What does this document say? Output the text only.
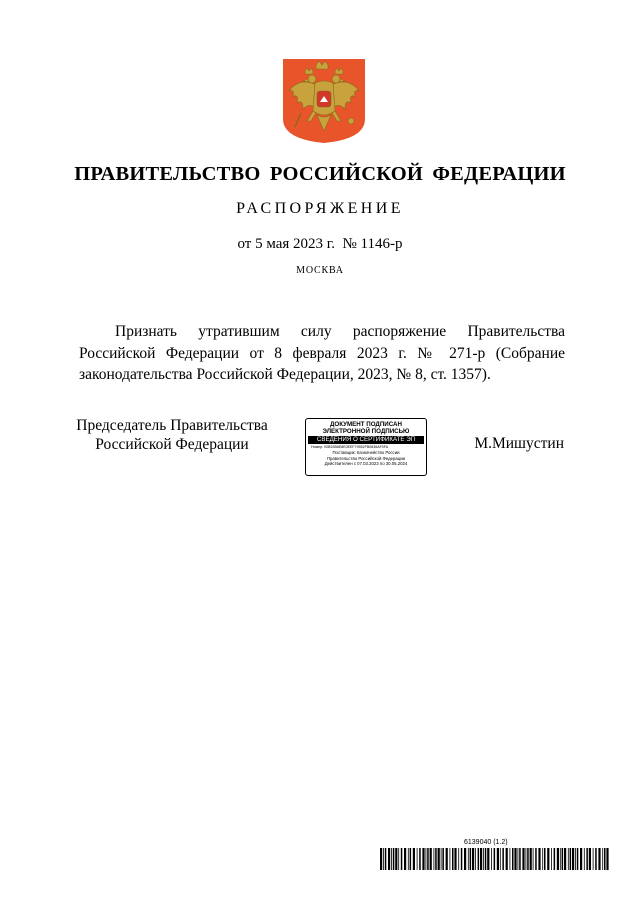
ПРАВИТЕЛЬСТВО РОССИЙСКОЙ ФЕДЕРАЦИИ
РАСПОРЯЖЕНИЕ
от 5 мая 2023 г.  № 1146-р
МОСКВА
Признать утратившим силу распоряжение Правительства Российской Федерации от 8 февраля 2023 г. № 271-р (Собрание законодательства Российской Федерации, 2023, № 8, ст. 1357).
Председатель Правительства
Российской Федерации
ДОКУМЕНТ ПОДПИСАН
ЭЛЕКТРОННОЙ ПОДПИСЬЮ
СВЕДЕНИЯ О СЕРТИФИКАТЕ ЭП
Номер: 00B53B8E8E0EEF79552FB0836AF0FA
Поставщик: Казначейство России
Правительство Российской Федерации
Действителен с 07.03.2023 по 30.05.2024
М.Мишустин
6139040 (1.2)
